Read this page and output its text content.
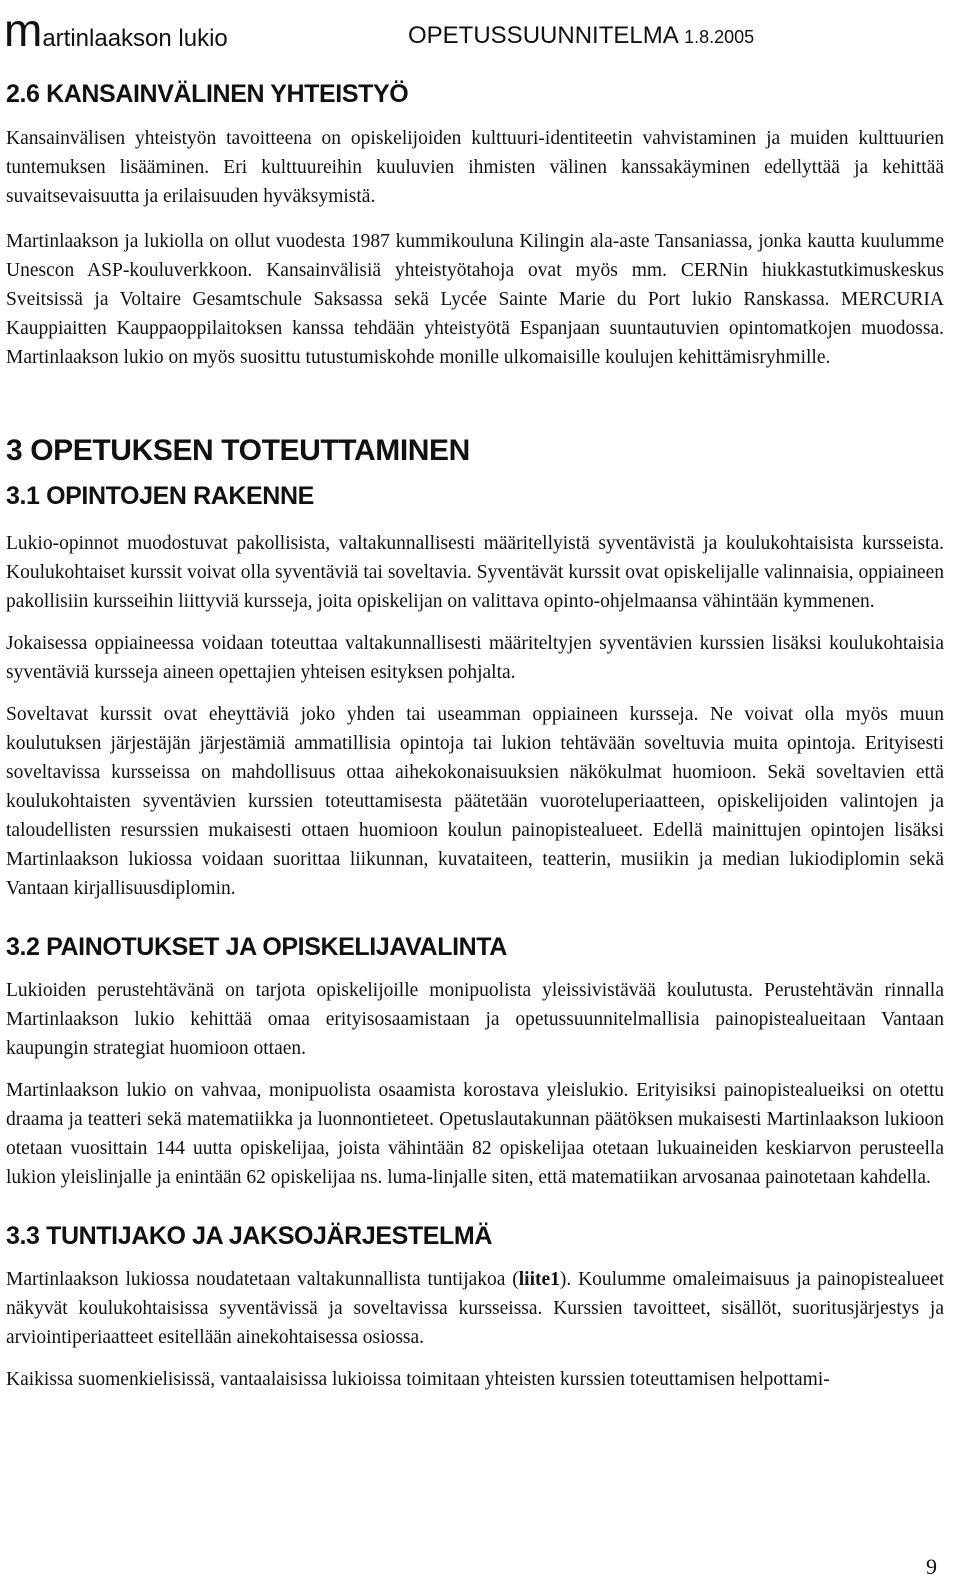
martinlaakson lukio	OPETUSSUUNNITELMA 1.8.2005
2.6 KANSAINVÄLINEN YHTEISTYÖ

Kansainvälisen yhteistyön tavoitteena on opiskelijoiden kulttuuri-identiteetin vahvistaminen ja muiden kulttuurien tuntemuksen lisääminen. Eri kulttuureihin kuuluvien ihmisten välinen kanssakäyminen edellyttää ja kehittää suvaitsevaisuutta ja erilaisuuden hyväksymistä.

Martinlaakson ja lukiolla on ollut vuodesta 1987 kummikouluna Kilingin ala-aste Tansaniassa, jonka kautta kuulumme Unescon ASP-kouluverkkoon. Kansainvälisiä yhteistyötahoja ovat myös mm. CERNin hiukkastutkimuskeskus Sveitsissä ja Voltaire Gesamtschule Saksassa sekä Lycée Sainte Marie du Port lukio Ranskassa. MERCURIA Kauppiaitten Kauppaoppilaitoksen kanssa tehdään yhteistyötä Espanjaan suuntautuvien opintomatkojen muodossa. Martinlaakson lukio on myös suosittu tutustumiskohde monille ulkomaisille koulujen kehittämisryhmille.

3 OPETUKSEN TOTEUTTAMINEN
3.1 OPINTOJEN RAKENNE

Lukio-opinnot muodostuvat pakollisista, valtakunnallisesti määritellyistä syventävistä ja koulukohtaisista kursseista. Koulukohtaiset kurssit voivat olla syventäviä tai soveltavia. Syventävät kurssit ovat opiskelijalle valinnaisia, oppiaineen pakollisiin kursseihin liittyviä kursseja, joita opiskelijan on valittava opinto-ohjelmaansa vähintään kymmenen.

Jokaisessa oppiaineessa voidaan toteuttaa valtakunnallisesti määriteltyjen syventävien kurssien lisäksi koulukohtaisia syventäviä kursseja aineen opettajien yhteisen esityksen pohjalta.

Soveltavat kurssit ovat eheyttäviä joko yhden tai useamman oppiaineen kursseja. Ne voivat olla myös muun koulutuksen järjestäjän järjestämiä ammatillisia opintoja tai lukion tehtävään soveltuvia muita opintoja. Erityisesti soveltavissa kursseissa on mahdollisuus ottaa aihekokonaisuuksien näkökulmat huomioon. Sekä soveltavien että koulukohtaisten syventävien kurssien toteuttamisesta päätetään vuoroteluperiaatteen, opiskelijoiden valintojen ja taloudellisten resurssien mukaisesti ottaen huomioon koulun painopistealueet. Edellä mainittujen opintojen lisäksi Martinlaakson lukiossa voidaan suorittaa liikunnan, kuvataiteen, teatterin, musiikin ja median lukiodiplomin sekä Vantaan kirjallisuusdiplomin.

3.2 PAINOTUKSET JA OPISKELIJAVALINTA

Lukioiden perustehtävänä on tarjota opiskelijoille monipuolista yleissivistävää koulutusta. Perustehtävän rinnalla Martinlaakson lukio kehittää omaa erityisosaamistaan ja opetussuunnitelmallisia painopistealueitaan Vantaan kaupungin strategiat huomioon ottaen.

Martinlaakson lukio on vahvaa, monipuolista osaamista korostava yleislukio. Erityisiksi painopistealueiksi on otettu draama ja teatteri sekä matematiikka ja luonnontieteet. Opetuslautakunnan päätöksen mukaisesti Martinlaakson lukioon otetaan vuosittain 144 uutta opiskelijaa, joista vähintään 82 opiskelijaa otetaan lukuaineiden keskiarvon perusteella lukion yleislinjalle ja enintään 62 opiskelijaa ns. luma-linjalle siten, että matematiikan arvosanaa painotetaan kahdella.

3.3 TUNTIJAKO JA JAKSOJÄRJESTELMÄ

Martinlaakson lukiossa noudatetaan valtakunnallista tuntijakoa (liite1). Koulumme omaleimaisuus ja painopistealueet näkyvät koulukohtaisissa syventävissä ja soveltavissa kursseissa. Kurssien tavoitteet, sisällöt, suoritusjärjestys ja arviointiperiaatteet esitellään ainekohtaisessa osiossa.

Kaikissa suomenkielisissä, vantaalaisissa lukioissa toimitaan yhteisten kurssien toteuttamisen helpottami-

9
